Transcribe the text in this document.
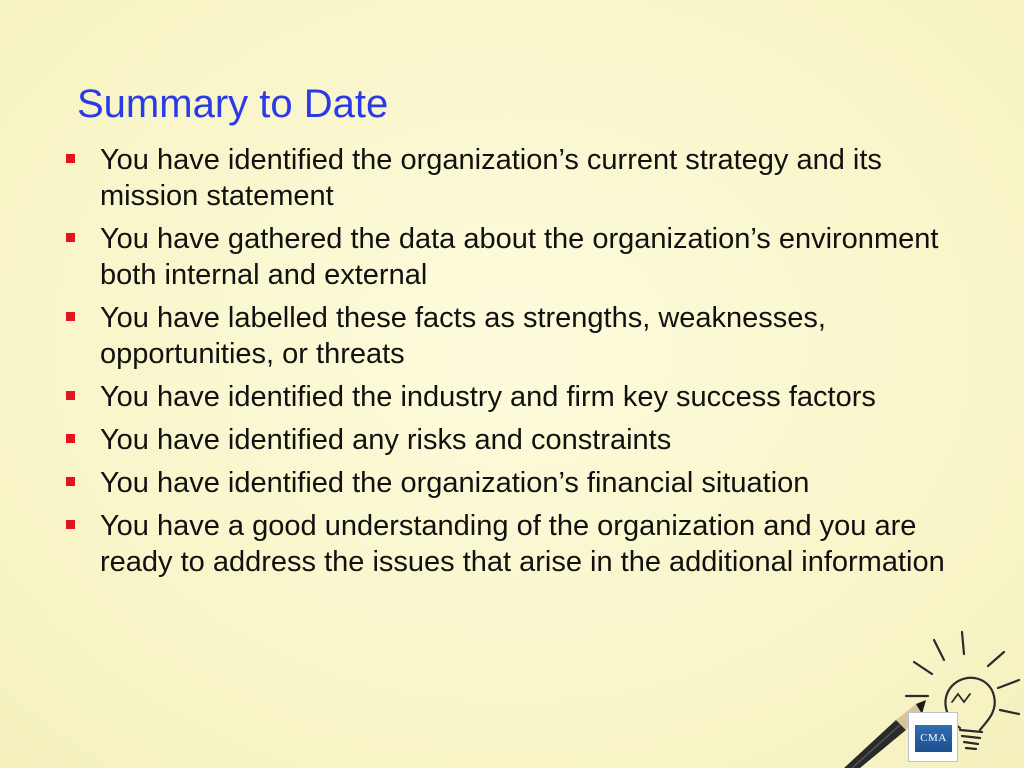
Summary to Date
You have identified the organization’s current strategy and its mission statement
You have gathered the data about the organization’s environment both internal and external
You have labelled these facts as strengths, weaknesses, opportunities, or threats
You have identified the industry and firm key success factors
You have identified any risks and constraints
You have identified the organization’s financial situation
You have a good understanding of the organization and you are ready to address the issues that arise in the additional information
CMA
